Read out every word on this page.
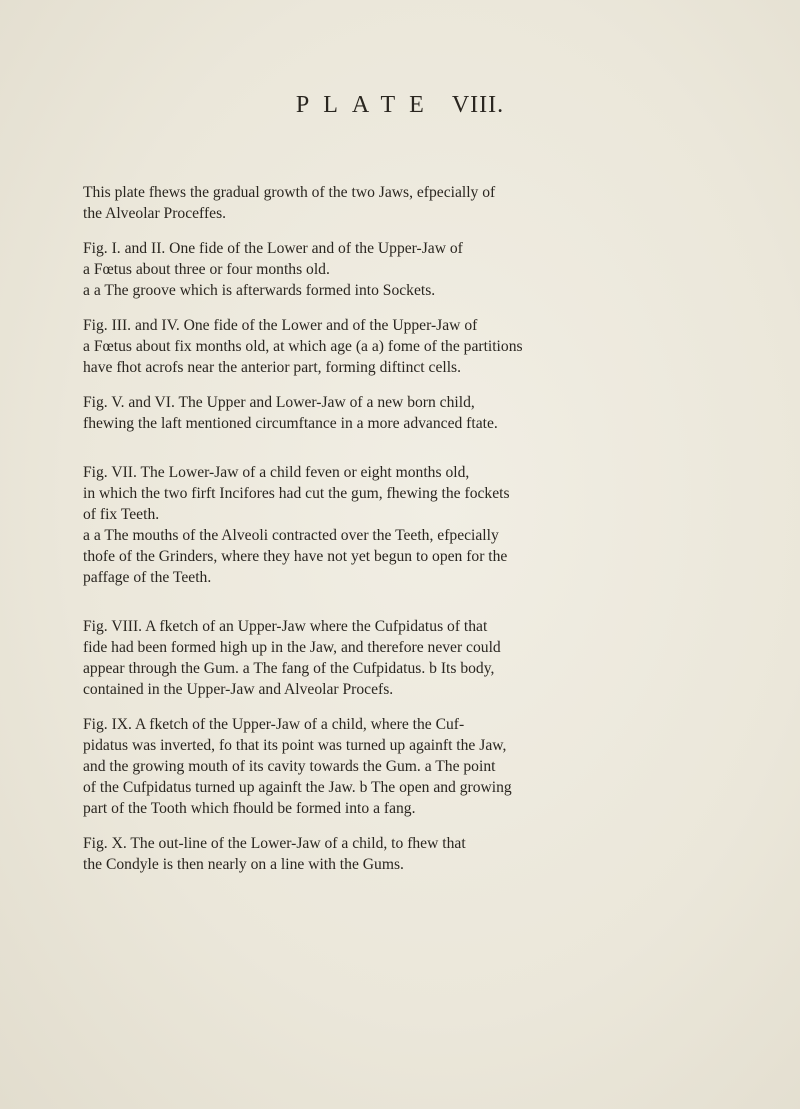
PLATE VIII.
This plate fhews the gradual growth of the two Jaws, efpecially of
the Alveolar Proceffes.
Fig. I. and II. One fide of the Lower and of the Upper-Jaw of
a Fœtus about three or four months old.
a a The groove which is afterwards formed into Sockets.
Fig. III. and IV. One fide of the Lower and of the Upper-Jaw of
a Fœtus about fix months old, at which age (a a) fome of the partitions
have fhot acrofs near the anterior part, forming diftinct cells.
Fig. V. and VI. The Upper and Lower-Jaw of a new born child,
fhewing the laft mentioned circumftance in a more advanced ftate.
Fig. VII. The Lower-Jaw of a child feven or eight months old,
in which the two firft Incifores had cut the gum, fhewing the fockets
of fix Teeth.
a a The mouths of the Alveoli contracted over the Teeth, efpecially
thofe of the Grinders, where they have not yet begun to open for the
paffage of the Teeth.
Fig. VIII. A fketch of an Upper-Jaw where the Cufpidatus of that
fide had been formed high up in the Jaw, and therefore never could
appear through the Gum. a The fang of the Cufpidatus. b Its body,
contained in the Upper-Jaw and Alveolar Procefs.
Fig. IX. A fketch of the Upper-Jaw of a child, where the Cuf-
pidatus was inverted, fo that its point was turned up againft the Jaw,
and the growing mouth of its cavity towards the Gum. a The point
of the Cufpidatus turned up againft the Jaw. b The open and growing
part of the Tooth which fhould be formed into a fang.
Fig. X. The out-line of the Lower-Jaw of a child, to fhew that
the Condyle is then nearly on a line with the Gums.
